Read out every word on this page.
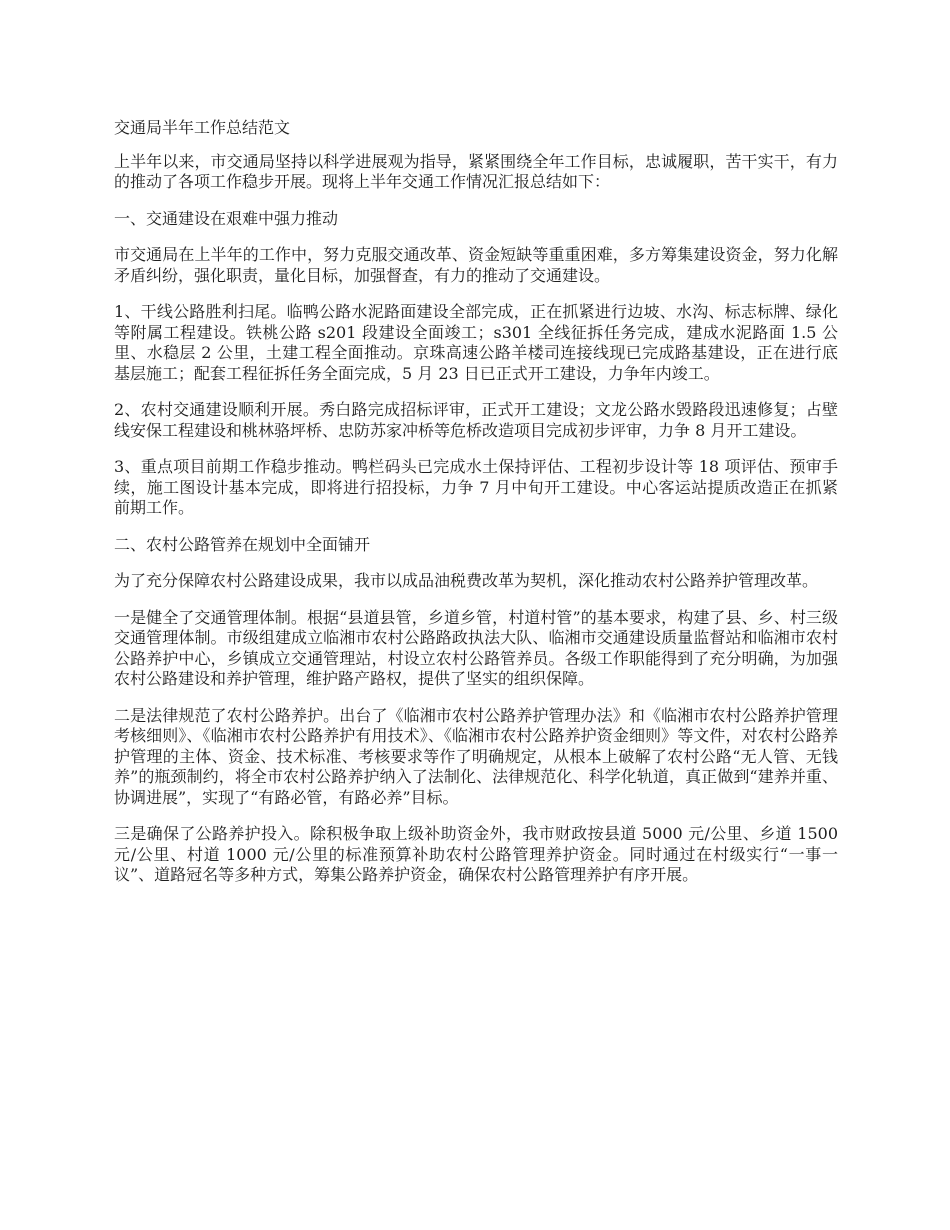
交通局半年工作总结范文

上半年以来，市交通局坚持以科学进展观为指导，紧紧围绕全年工作目标，忠诚履职，苦干实干，有力的推动了各项工作稳步开展。现将上半年交通工作情况汇报总结如下：

一、交通建设在艰难中强力推动

市交通局在上半年的工作中，努力克服交通改革、资金短缺等重重困难，多方筹集建设资金，努力化解矛盾纠纷，强化职责，量化目标，加强督查，有力的推动了交通建设。

1、干线公路胜利扫尾。临鸭公路水泥路面建设全部完成，正在抓紧进行边坡、水沟、标志标牌、绿化等附属工程建设。铁桃公路 s201 段建设全面竣工；s301 全线征拆任务完成，建成水泥路面 1.5 公里、水稳层 2 公里，土建工程全面推动。京珠高速公路羊楼司连接线现已完成路基建设，正在进行底基层施工；配套工程征拆任务全面完成，5 月 23 日已正式开工建设，力争年内竣工。

2、农村交通建设顺利开展。秀白路完成招标评审，正式开工建设；文龙公路水毁路段迅速修复；占壁线安保工程建设和桃林骆坪桥、忠防苏家冲桥等危桥改造项目完成初步评审，力争 8 月开工建设。

3、重点项目前期工作稳步推动。鸭栏码头已完成水土保持评估、工程初步设计等 18 项评估、预审手续，施工图设计基本完成，即将进行招投标，力争 7 月中旬开工建设。中心客运站提质改造正在抓紧前期工作。

二、农村公路管养在规划中全面铺开

为了充分保障农村公路建设成果，我市以成品油税费改革为契机，深化推动农村公路养护管理改革。

一是健全了交通管理体制。根据“县道县管，乡道乡管，村道村管”的基本要求，构建了县、乡、村三级交通管理体制。市级组建成立临湘市农村公路路政执法大队、临湘市交通建设质量监督站和临湘市农村公路养护中心，乡镇成立交通管理站，村设立农村公路管养员。各级工作职能得到了充分明确，为加强农村公路建设和养护管理，维护路产路权，提供了坚实的组织保障。

二是法律规范了农村公路养护。出台了《临湘市农村公路养护管理办法》和《临湘市农村公路养护管理考核细则》、《临湘市农村公路养护有用技术》、《临湘市农村公路养护资金细则》等文件，对农村公路养护管理的主体、资金、技术标准、考核要求等作了明确规定，从根本上破解了农村公路“无人管、无钱养”的瓶颈制约，将全市农村公路养护纳入了法制化、法律规范化、科学化轨道，真正做到“建养并重、协调进展”，实现了“有路必管，有路必养”目标。

三是确保了公路养护投入。除积极争取上级补助资金外，我市财政按县道 5000 元/公里、乡道 1500 元/公里、村道 1000 元/公里的标准预算补助农村公路管理养护资金。同时通过在村级实行“一事一议”、道路冠名等多种方式，筹集公路养护资金，确保农村公路管理养护有序开展。
